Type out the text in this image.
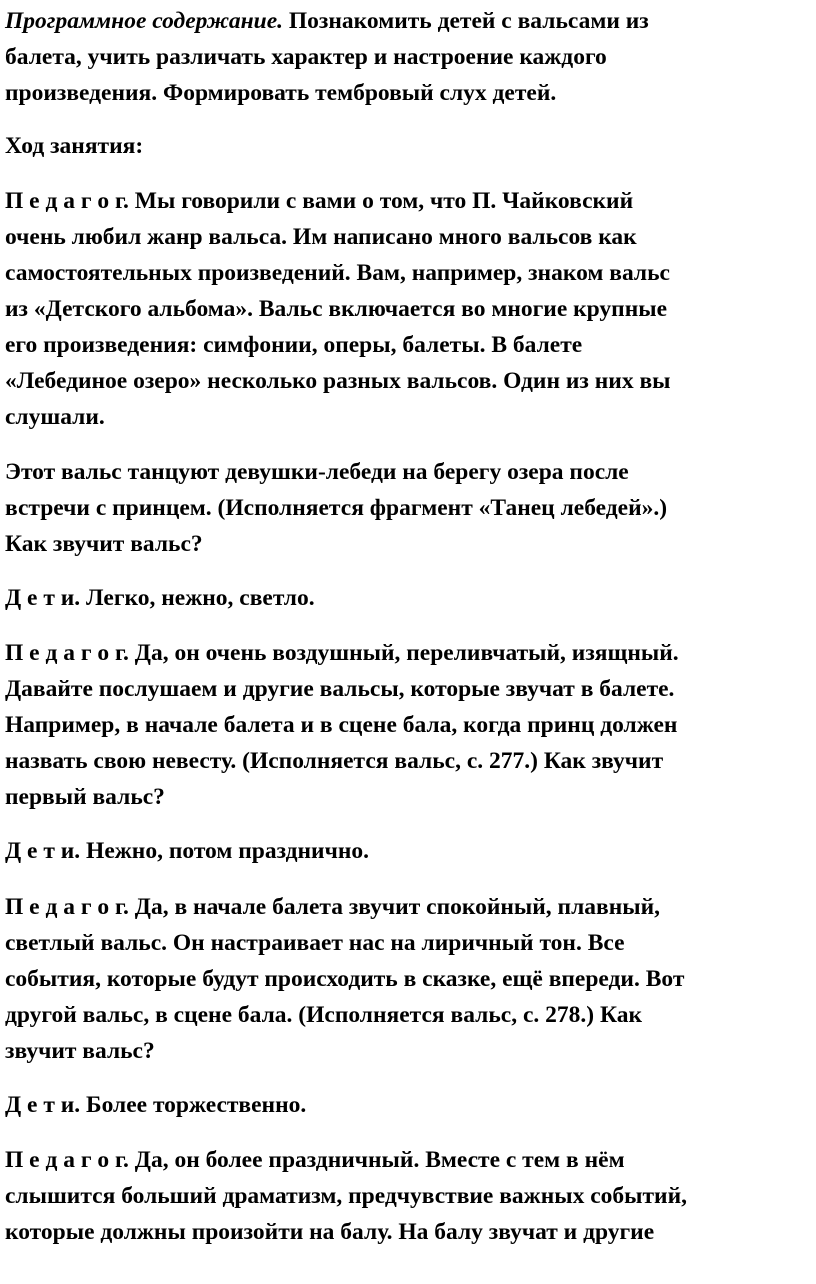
Программное содержание. Познакомить детей с вальсами из
балета, учить различать характер и настроение каждого
произведения. Формировать тембровый слух детей.
Ход занятия:
П е д а г о г. Мы говорили с вами о том, что П. Чайковский
очень любил жанр вальса. Им написано много вальсов как
самостоятельных произведений. Вам, например, знаком вальс
из «Детского альбома». Вальс включается во многие крупные
его произведения: симфонии, оперы, балеты. В балете
«Лебединое озеро» несколько разных вальсов. Один из них вы
слушали.
Этот вальс танцуют девушки-лебеди на берегу озера после
встречи с принцем. (Исполняется фрагмент «Танец лебедей».)
Как звучит вальс?
Д е т и. Легко, нежно, светло.
П е д а г о г. Да, он очень воздушный, переливчатый, изящный.
Давайте послушаем и другие вальсы, которые звучат в балете.
Например, в начале балета и в сцене бала, когда принц должен
назвать свою невесту. (Исполняется вальс, с. 277.) Как звучит
первый вальс?
Д е т и. Нежно, потом празднично.
П е д а г о г. Да, в начале балета звучит спокойный, плавный,
светлый вальс. Он настраивает нас на лиричный тон. Все
события, которые будут происходить в сказке, ещё впереди. Вот
другой вальс, в сцене бала. (Исполняется вальс, с. 278.) Как
звучит вальс?
Д е т и. Более торжественно.
П е д а г о г. Да, он более праздничный. Вместе с тем в нём
слышится больший драматизм, предчувствие важных событий,
которые должны произойти на балу. На балу звучат и другие
